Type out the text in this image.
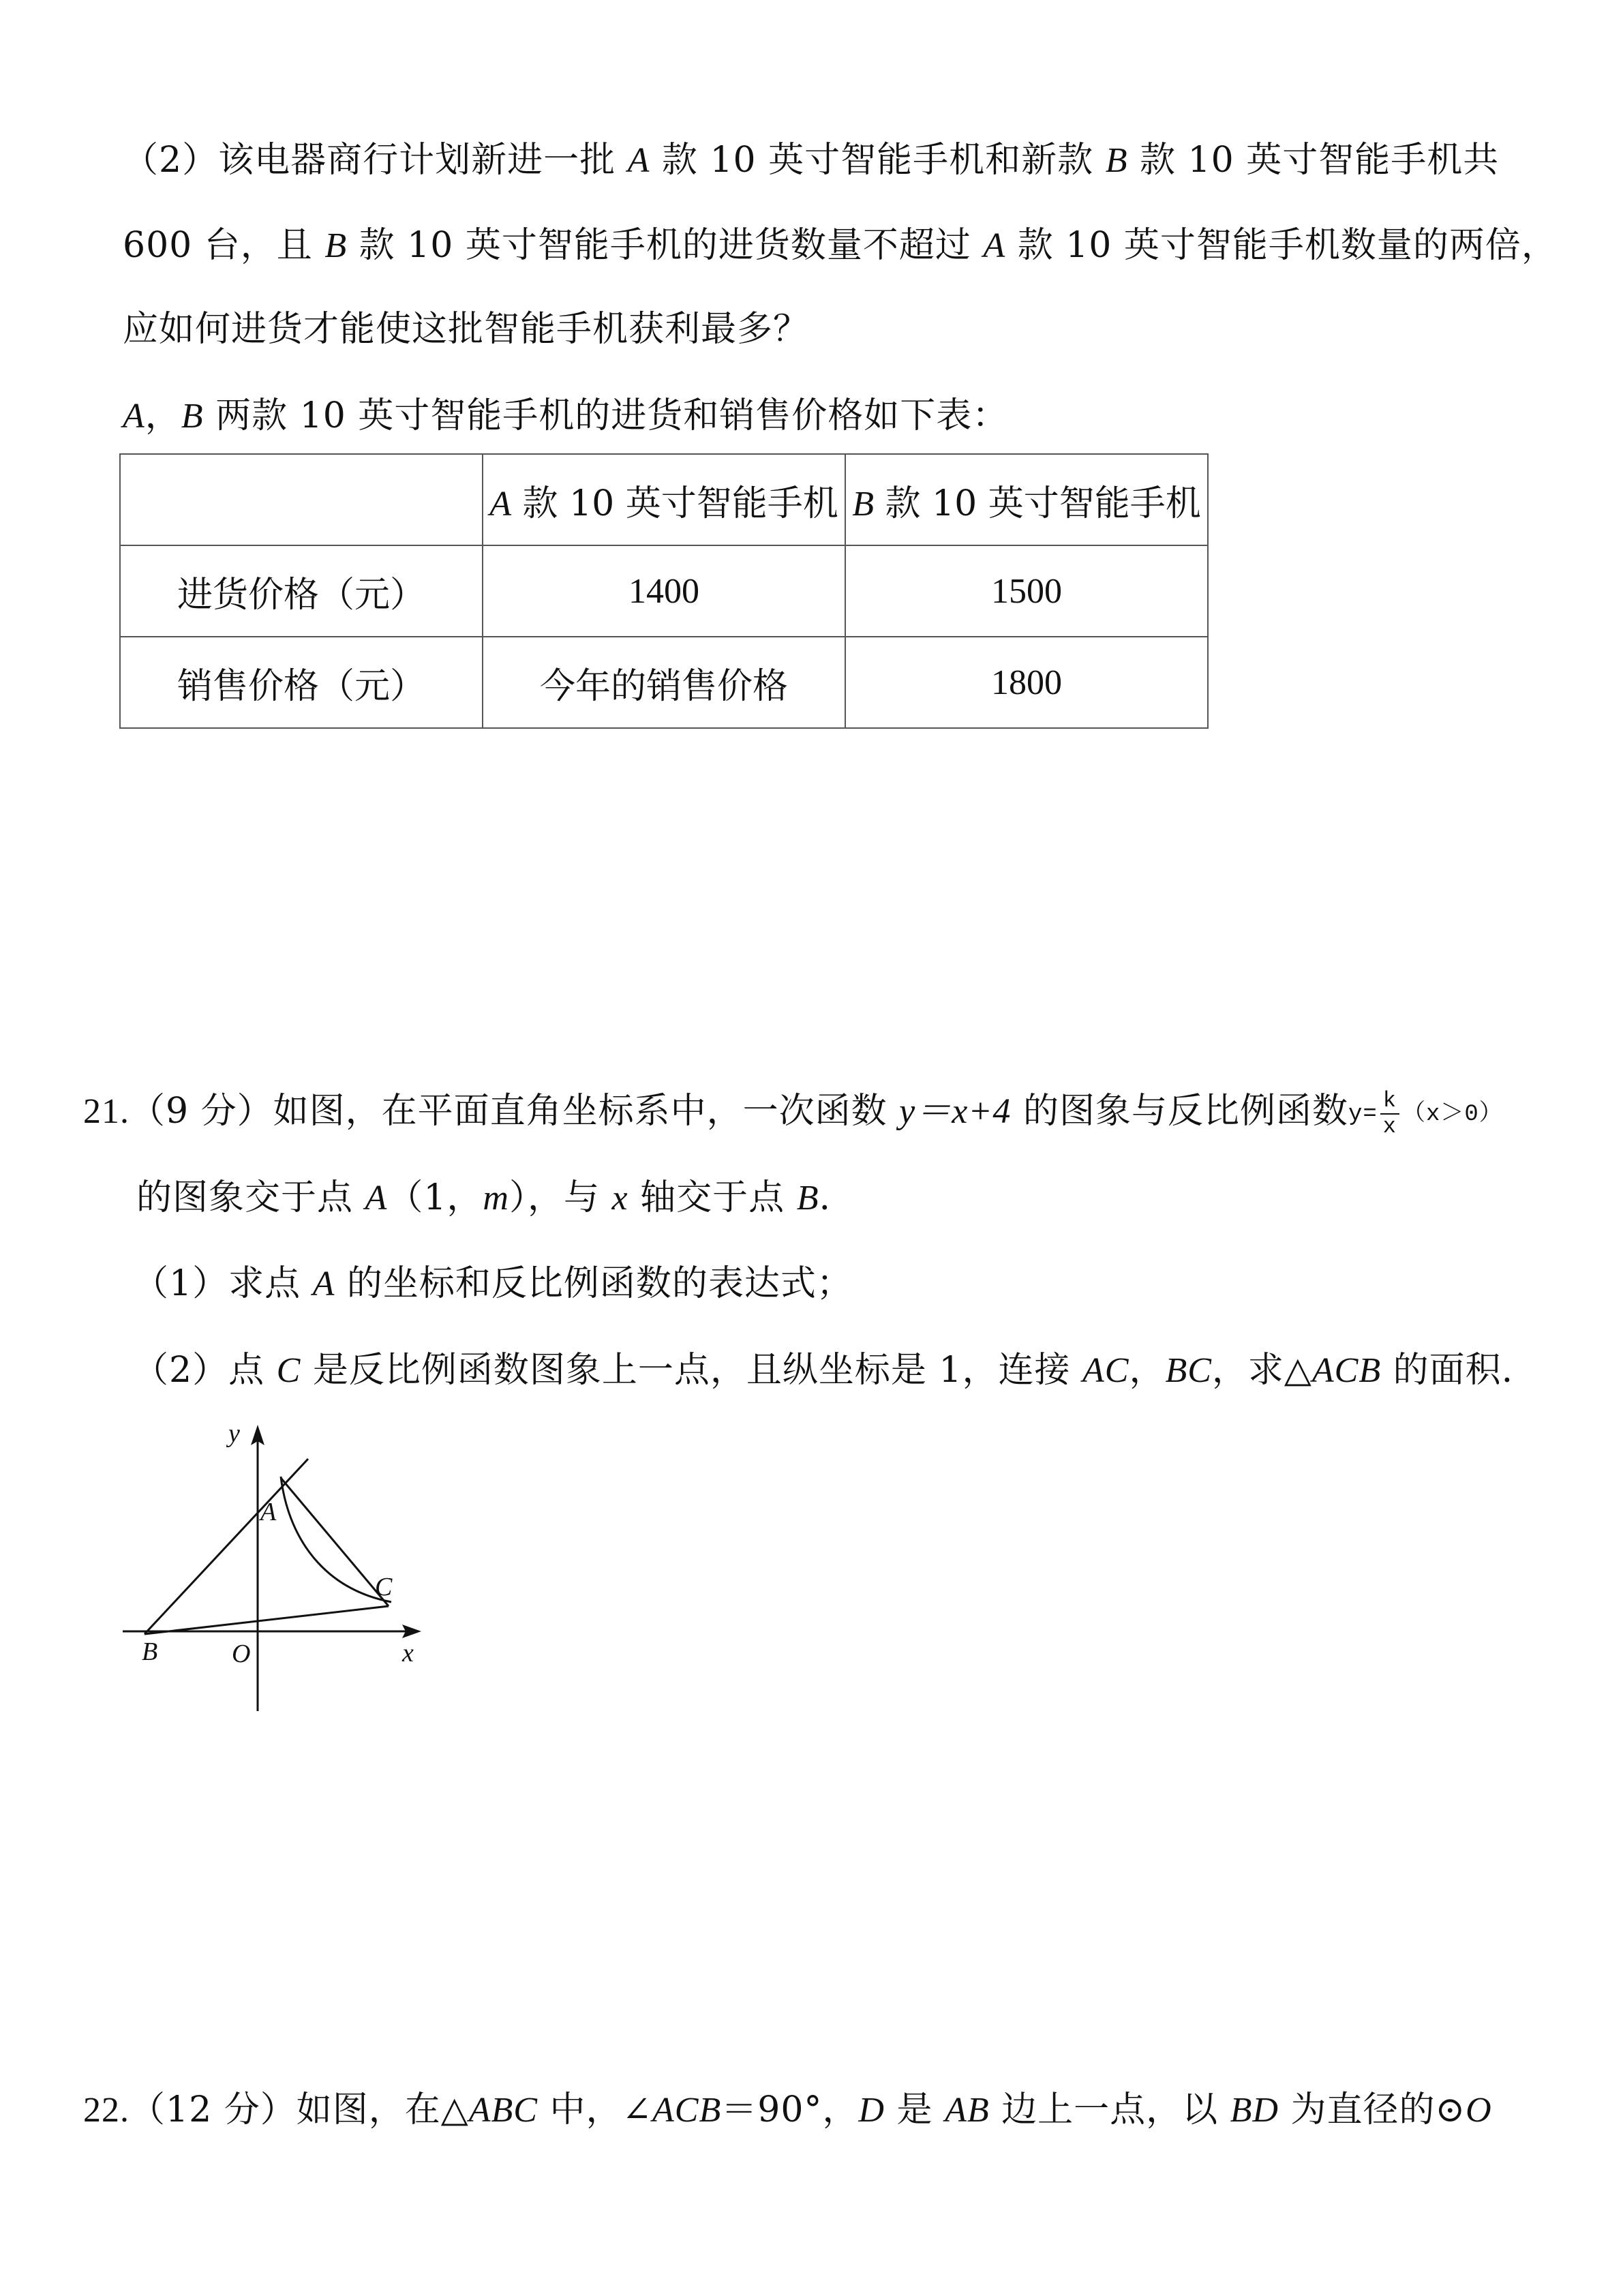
（2）该电器商行计划新进一批 A 款 10 英寸智能手机和新款 B 款 10 英寸智能手机共
600 台，且 B 款 10 英寸智能手机的进货数量不超过 A 款 10 英寸智能手机数量的两倍，
应如何进货才能使这批智能手机获利最多？
A，B 两款 10 英寸智能手机的进货和销售价格如下表：
	A 款 10 英寸智能手机	B 款 10 英寸智能手机
进货价格（元）	1400	1500
销售价格（元）	今年的销售价格	1800
21.（9 分）如图，在平面直角坐标系中，一次函数 y＝x+4 的图象与反比例函数$y= \frac{k}{x} (x>0)$
的图象交于点 A（1，m），与 x 轴交于点 B.
（1）求点 A 的坐标和反比例函数的表达式；
（2）点 C 是反比例函数图象上一点，且纵坐标是 1，连接 AC，BC，求△ACB 的面积.
y
x
A
B
C
O
22.（12 分）如图，在△ABC 中，∠ACB＝90°，D 是 AB 边上一点，以 BD 为直径的⊙O
